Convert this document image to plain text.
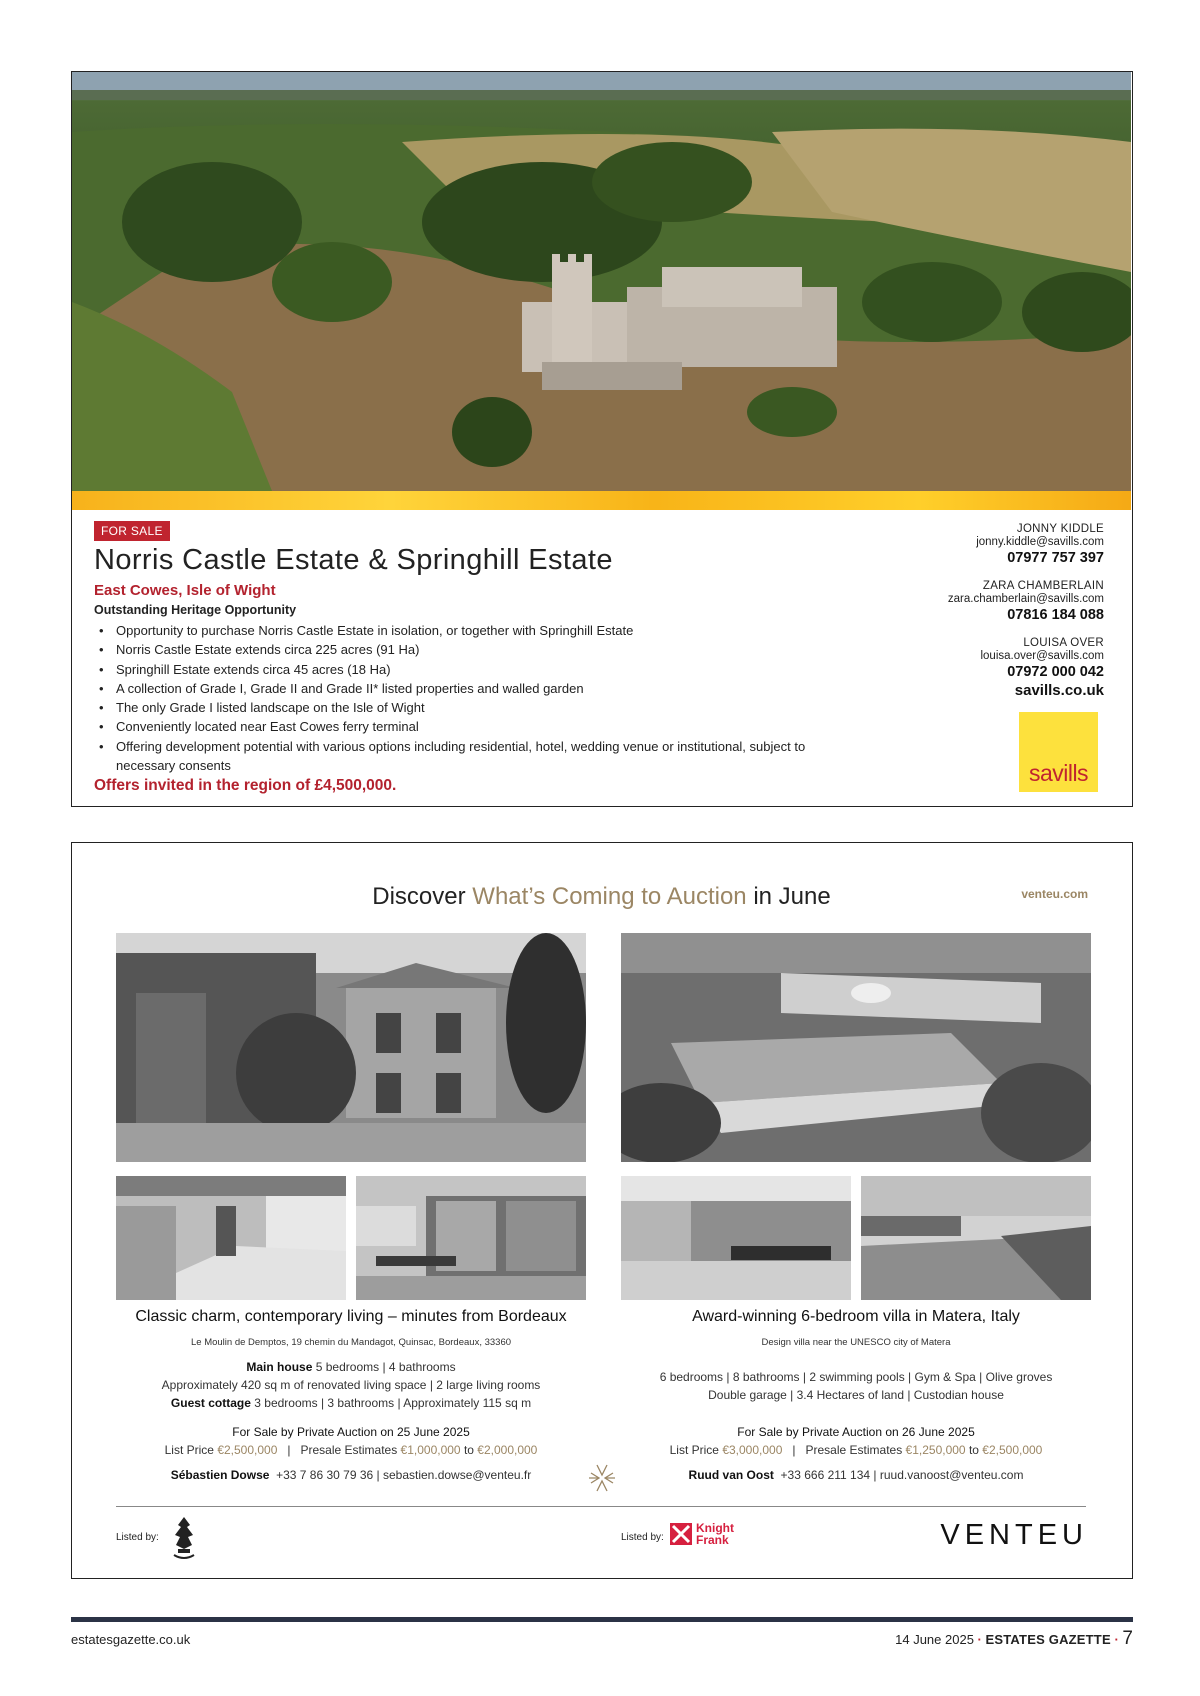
FOR SALE
Norris Castle Estate & Springhill Estate
East Cowes, Isle of Wight
Outstanding Heritage Opportunity
• Opportunity to purchase Norris Castle Estate in isolation, or together with Springhill Estate
• Norris Castle Estate extends circa 225 acres (91 Ha)
• Springhill Estate extends circa 45 acres (18 Ha)
• A collection of Grade I, Grade II and Grade II* listed properties and walled garden
• The only Grade I listed landscape on the Isle of Wight
• Conveniently located near East Cowes ferry terminal
• Offering development potential with various options including residential, hotel, wedding venue or institutional, subject to necessary consents
Offers invited in the region of £4,500,000.
JONNY KIDDLE
jonny.kiddle@savills.com
07977 757 397
ZARA CHAMBERLAIN
zara.chamberlain@savills.com
07816 184 088
LOUISA OVER
louisa.over@savills.com
07972 000 042
savills.co.uk
savills
Discover What’s Coming to Auction in June	venteu.com
Classic charm, contemporary living – minutes from Bordeaux
Le Moulin de Demptos, 19 chemin du Mandagot, Quinsac, Bordeaux, 33360
Main house 5 bedrooms | 4 bathrooms
Approximately 420 sq m of renovated living space | 2 large living rooms
Guest cottage 3 bedrooms | 3 bathrooms | Approximately 115 sq m
For Sale by Private Auction on 25 June 2025
List Price €2,500,000   |   Presale Estimates €1,000,000 to €2,000,000
Sébastien Dowse +33 7 86 30 79 36 | sebastien.dowse@venteu.fr
Award-winning 6-bedroom villa in Matera, Italy
Design villa near the UNESCO city of Matera
6 bedrooms | 8 bathrooms | 2 swimming pools | Gym & Spa | Olive groves
Double garage | 3.4 Hectares of land | Custodian house
For Sale by Private Auction on 26 June 2025
List Price €3,000,000   |   Presale Estimates €1,250,000 to €2,500,000
Ruud van Oost +33 666 211 134 | ruud.vanoost@venteu.com
Listed by:	Listed by:
Knight Frank	VENTEU
estatesgazette.co.uk	14 June 2025 · ESTATES GAZETTE · 7
